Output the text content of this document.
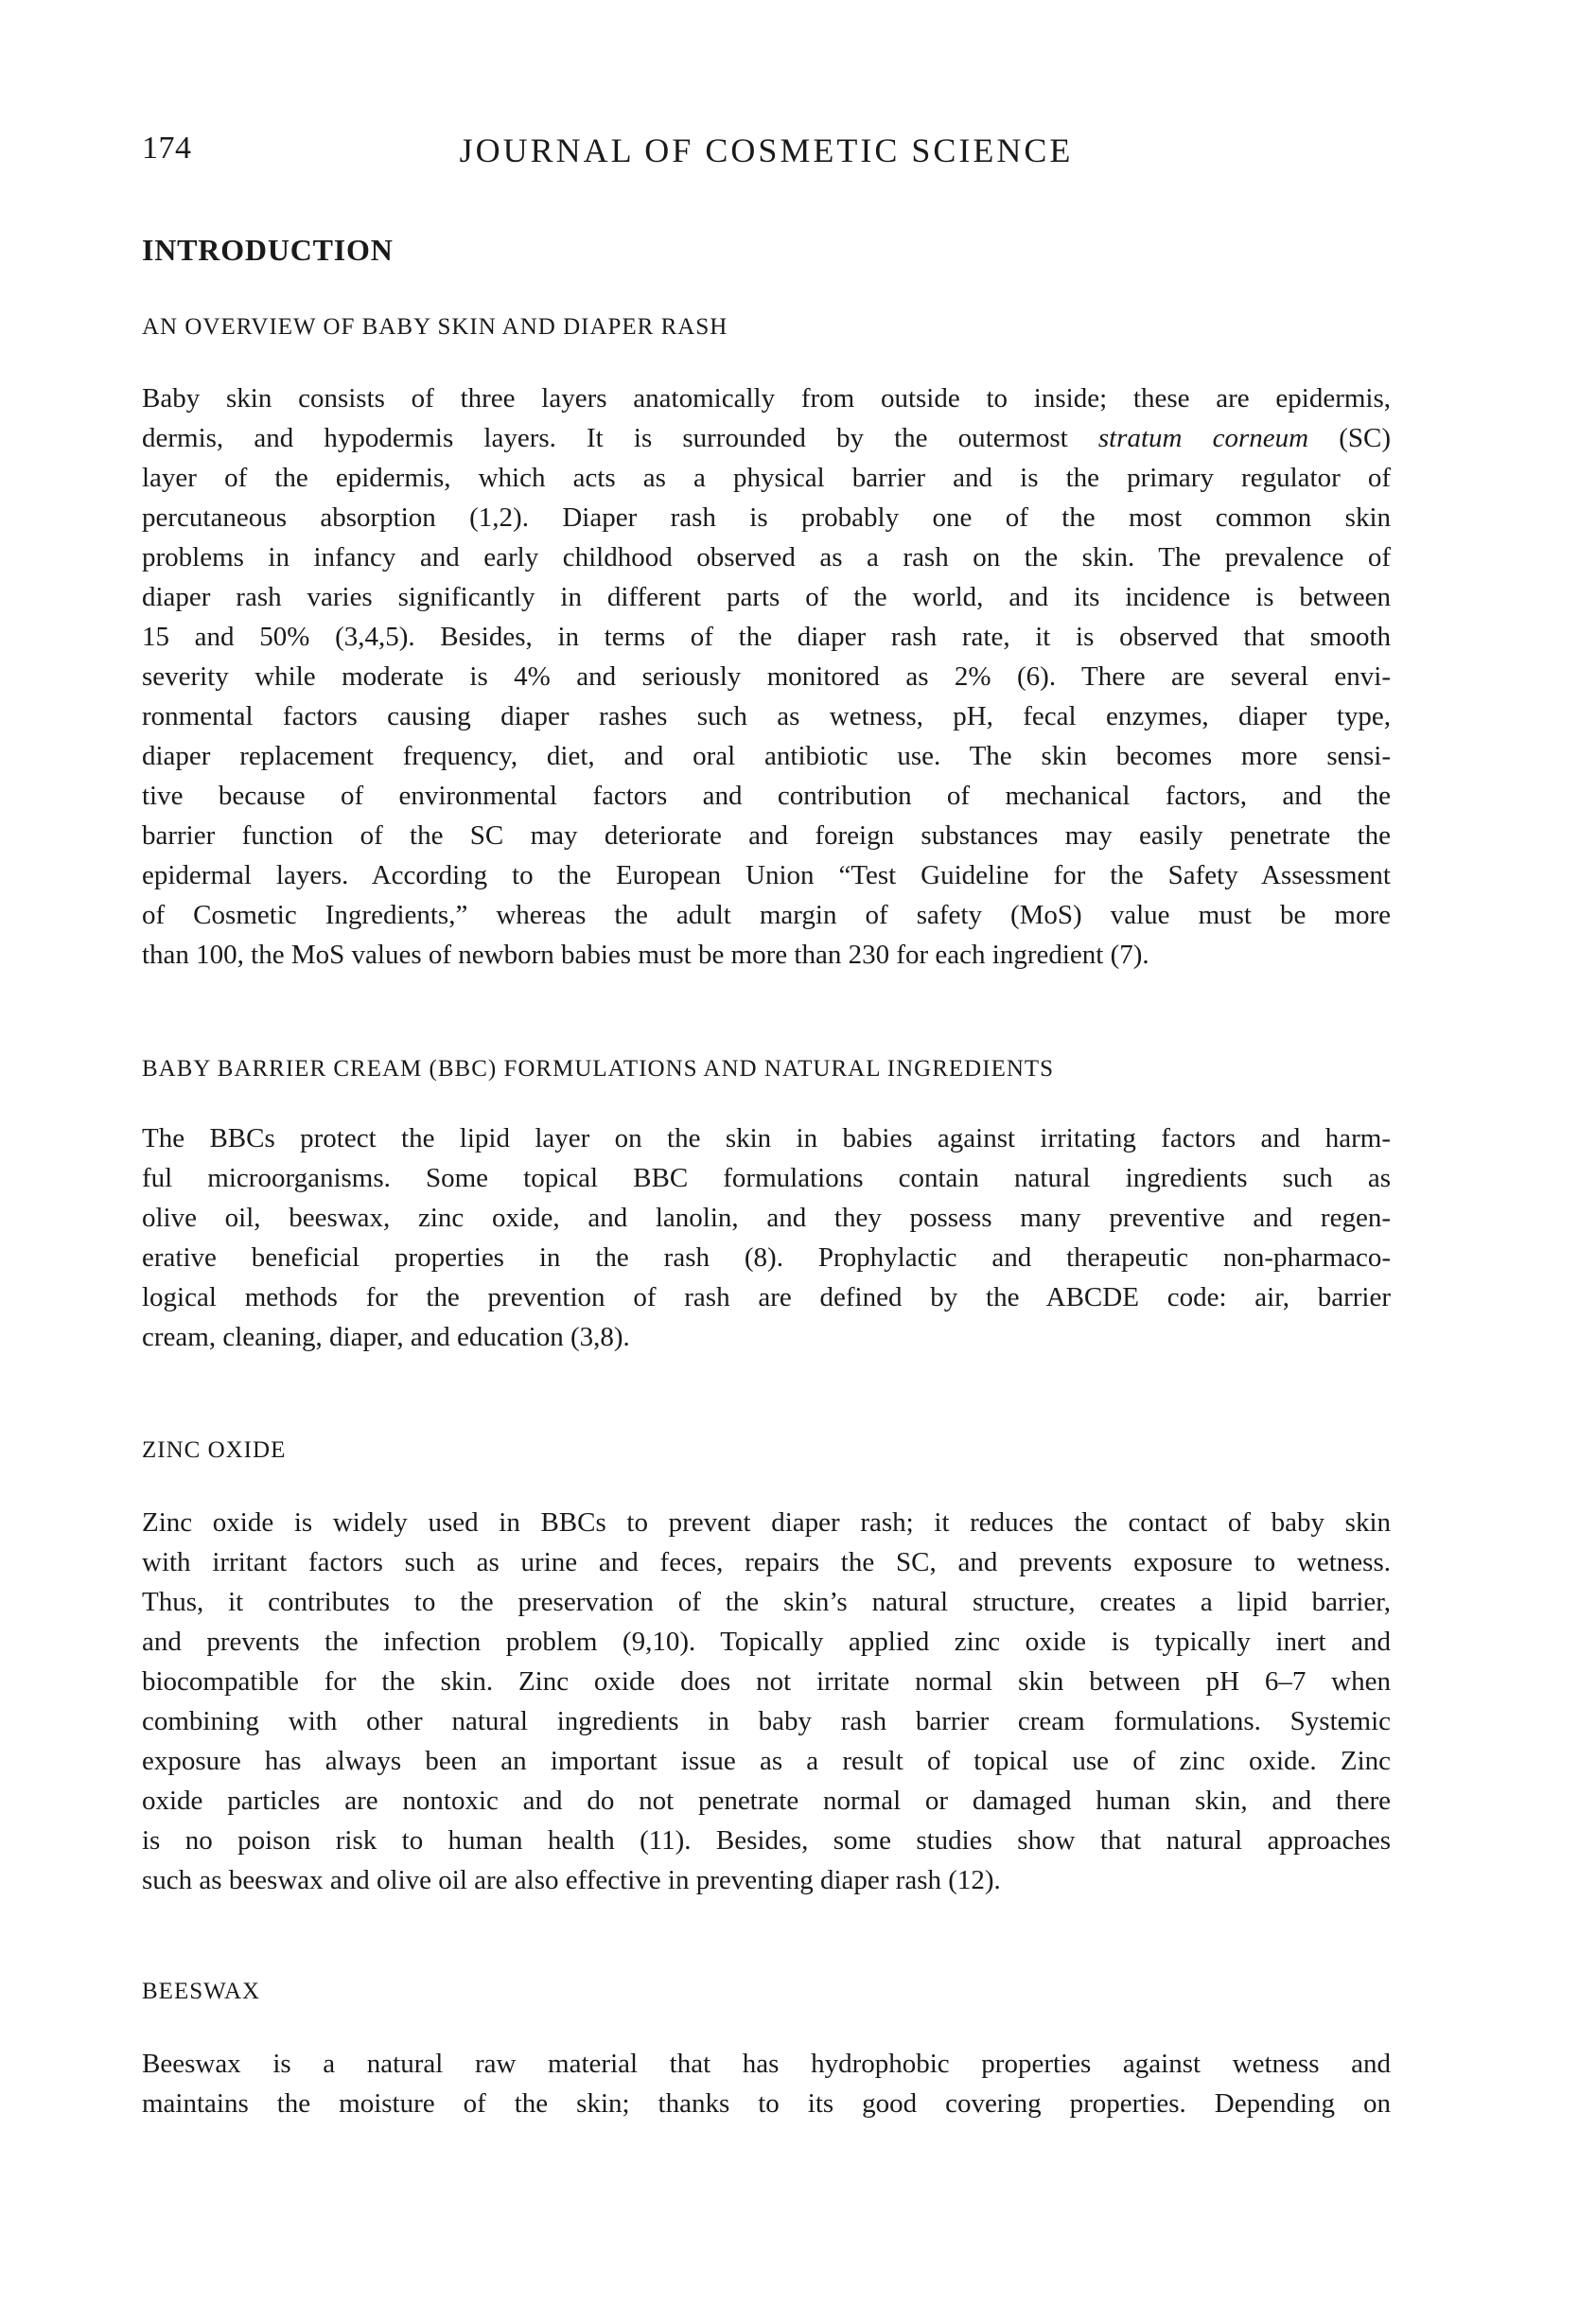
174	JOURNAL OF COSMETIC SCIENCE
INTRODUCTION
AN OVERVIEW OF BABY SKIN AND DIAPER RASH
Baby skin consists of three layers anatomically from outside to inside; these are epidermis,
dermis, and hypodermis layers. It is surrounded by the outermost stratum corneum (SC)
layer of the epidermis, which acts as a physical barrier and is the primary regulator of
percutaneous absorption (1,2). Diaper rash is probably one of the most common skin
problems in infancy and early childhood observed as a rash on the skin. The prevalence of
diaper rash varies significantly in different parts of the world, and its incidence is between
15 and 50% (3,4,5). Besides, in terms of the diaper rash rate, it is observed that smooth
severity while moderate is 4% and seriously monitored as 2% (6). There are several envi-
ronmental factors causing diaper rashes such as wetness, pH, fecal enzymes, diaper type,
diaper replacement frequency, diet, and oral antibiotic use. The skin becomes more sensi-
tive because of environmental factors and contribution of mechanical factors, and the
barrier function of the SC may deteriorate and foreign substances may easily penetrate the
epidermal layers. According to the European Union “Test Guideline for the Safety Assessment
of Cosmetic Ingredients,” whereas the adult margin of safety (MoS) value must be more
than 100, the MoS values of newborn babies must be more than 230 for each ingredient (7).
BABY BARRIER CREAM (BBC) FORMULATIONS AND NATURAL INGREDIENTS
The BBCs protect the lipid layer on the skin in babies against irritating factors and harm-
ful microorganisms. Some topical BBC formulations contain natural ingredients such as
olive oil, beeswax, zinc oxide, and lanolin, and they possess many preventive and regen-
erative beneficial properties in the rash (8). Prophylactic and therapeutic non-pharmaco-
logical methods for the prevention of rash are defined by the ABCDE code: air, barrier
cream, cleaning, diaper, and education (3,8).
ZINC OXIDE
Zinc oxide is widely used in BBCs to prevent diaper rash; it reduces the contact of baby skin
with irritant factors such as urine and feces, repairs the SC, and prevents exposure to wetness.
Thus, it contributes to the preservation of the skin’s natural structure, creates a lipid barrier,
and prevents the infection problem (9,10). Topically applied zinc oxide is typically inert and
biocompatible for the skin. Zinc oxide does not irritate normal skin between pH 6–7 when
combining with other natural ingredients in baby rash barrier cream formulations. Systemic
exposure has always been an important issue as a result of topical use of zinc oxide. Zinc
oxide particles are nontoxic and do not penetrate normal or damaged human skin, and there
is no poison risk to human health (11). Besides, some studies show that natural approaches
such as beeswax and olive oil are also effective in preventing diaper rash (12).
BEESWAX
Beeswax is a natural raw material that has hydrophobic properties against wetness and
maintains the moisture of the skin; thanks to its good covering properties. Depending on
